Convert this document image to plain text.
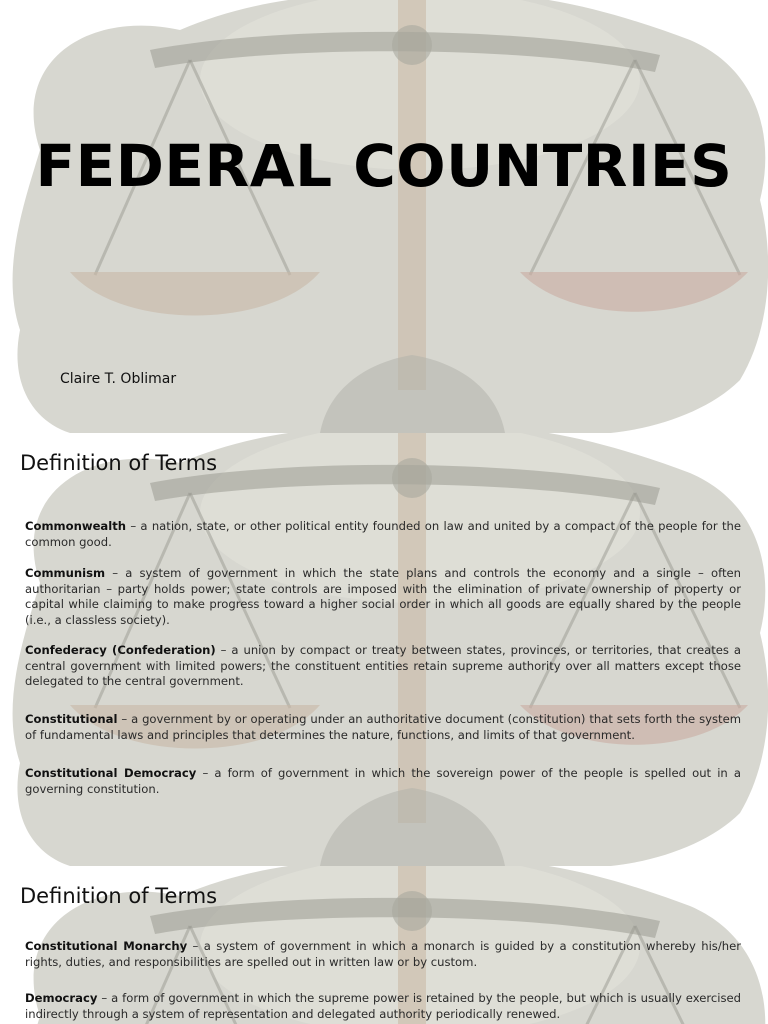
FEDERAL COUNTRIES
Claire T. Oblimar
Definition of Terms

Commonwealth – a nation, state, or other political entity founded on law and united by a compact of the people for the common good.

Communism – a system of government in which the state plans and controls the economy and a single – often authoritarian – party holds power; state controls are imposed with the elimination of private ownership of property or capital while claiming to make progress toward a higher social order in which all goods are equally shared by the people (i.e., a classless society).

Confederacy (Confederation) – a union by compact or treaty between states, provinces, or territories, that creates a central government with limited powers; the constituent entities retain supreme authority over all matters except those delegated to the central government.

Constitutional – a government by or operating under an authoritative document (constitution) that sets forth the system of fundamental laws and principles that determines the nature, functions, and limits of that government.

Constitutional Democracy – a form of government in which the sovereign power of the people is spelled out in a governing constitution.

Definition of Terms

Constitutional Monarchy – a system of government in which a monarch is guided by a constitution whereby his/her rights, duties, and responsibilities are spelled out in written law or by custom.

Democracy – a form of government in which the supreme power is retained by the people, but which is usually exercised indirectly through a system of representation and delegated authority periodically renewed.
